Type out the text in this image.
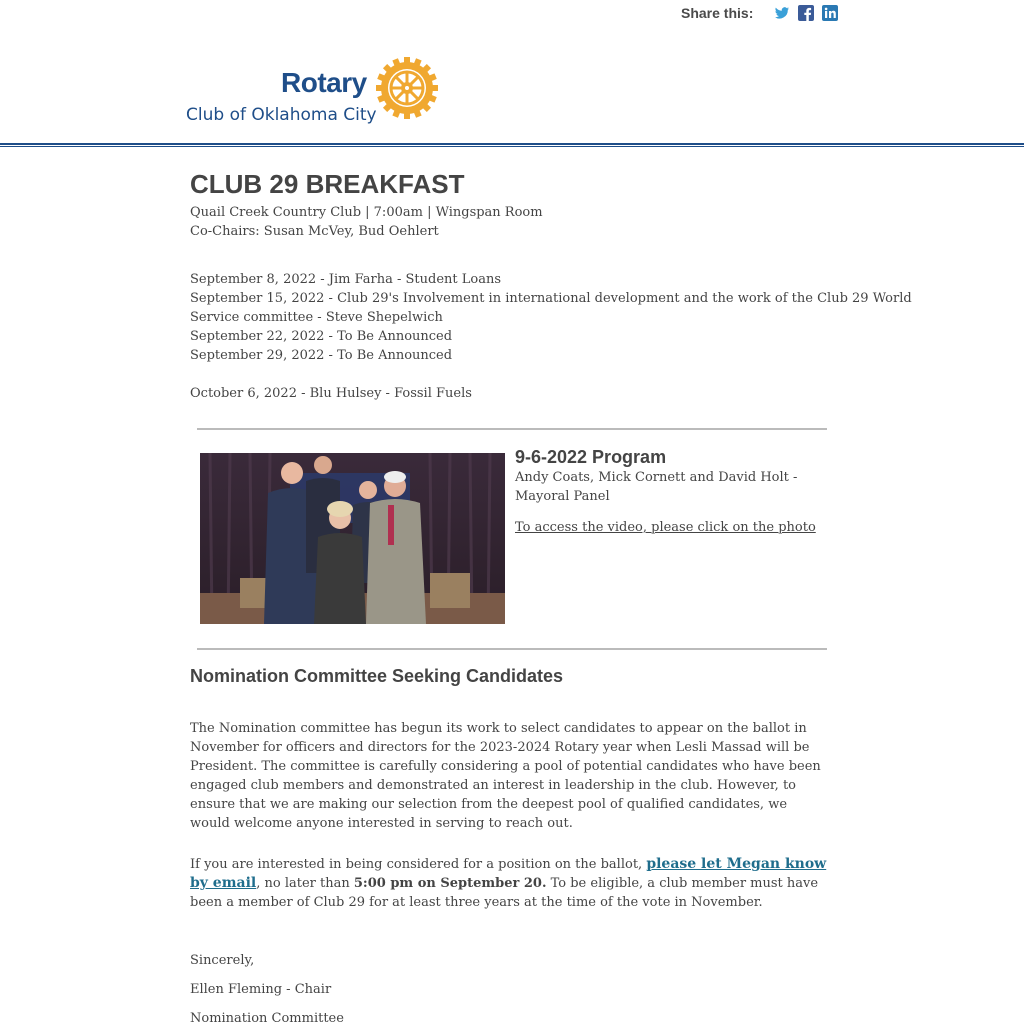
Share this:
Rotary
Club of Oklahoma City
CLUB 29 BREAKFAST
Quail Creek Country Club | 7:00am | Wingspan Room
Co-Chairs: Susan McVey, Bud Oehlert
September 8, 2022 - Jim Farha - Student Loans
September 15, 2022 - Club 29's Involvement in international development and the work of the Club 29 World
Service committee - Steve Shepelwich
September 22, 2022 - To Be Announced
September 29, 2022 - To Be Announced
October 6, 2022 - Blu Hulsey - Fossil Fuels
9-6-2022 Program
Andy Coats, Mick Cornett and David Holt - Mayoral Panel
To access the video, please click on the photo
Nomination Committee Seeking Candidates
The Nomination committee has begun its work to select candidates to appear on the ballot in November for officers and directors for the 2023-2024 Rotary year when Lesli Massad will be President. The committee is carefully considering a pool of potential candidates who have been engaged club members and demonstrated an interest in leadership in the club. However, to ensure that we are making our selection from the deepest pool of qualified candidates, we would welcome anyone interested in serving to reach out.
If you are interested in being considered for a position on the ballot, please let Megan know by email, no later than 5:00 pm on September 20. To be eligible, a club member must have been a member of Club 29 for at least three years at the time of the vote in November.
Sincerely,
Ellen Fleming - Chair
Nomination Committee
